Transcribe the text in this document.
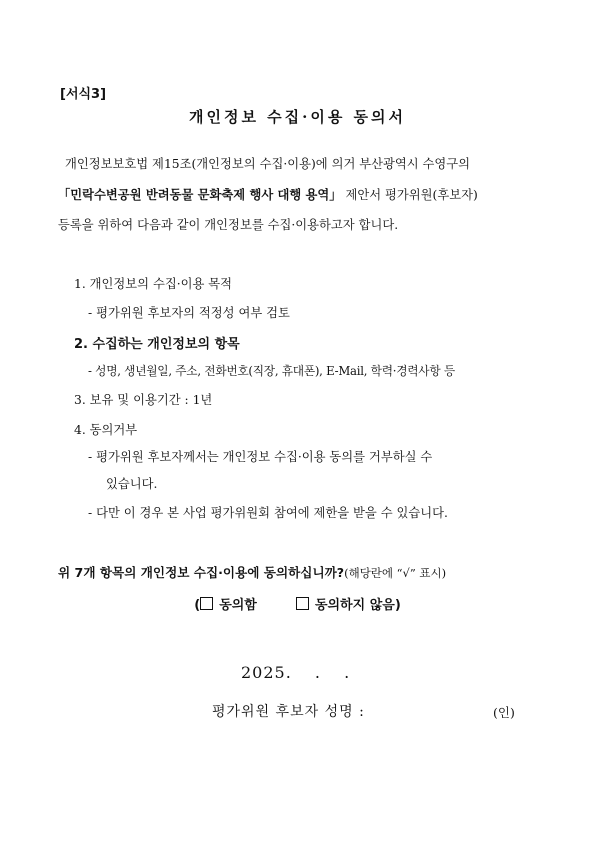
[서식3]
개인정보 수집·이용 동의서
개인정보보호법 제15조(개인정보의 수집·이용)에 의거 부산광역시 수영구의
「민락수변공원 반려동물 문화축제 행사 대행 용역」 제안서 평가위원(후보자)
등록을 위하여 다음과 같이 개인정보를 수집·이용하고자 합니다.
1. 개인정보의 수집·이용 목적
- 평가위원 후보자의 적정성 여부 검토
2. 수집하는 개인정보의 항목
- 성명, 생년월일, 주소, 전화번호(직장, 휴대폰), E-Mail, 학력·경력사항 등
3. 보유 및 이용기간 : 1년
4. 동의거부
- 평가위원 후보자께서는 개인정보 수집·이용 동의를 거부하실 수
있습니다.
- 다만 이 경우 본 사업 평가위원회 참여에 제한을 받을 수 있습니다.
위 7개 항목의 개인정보 수집·이용에 동의하십니까?(해당란에 “√” 표시)
( 동의함	동의하지 않음)
2025.　 .　 .
평가위원 후보자 성명 :	(인)
